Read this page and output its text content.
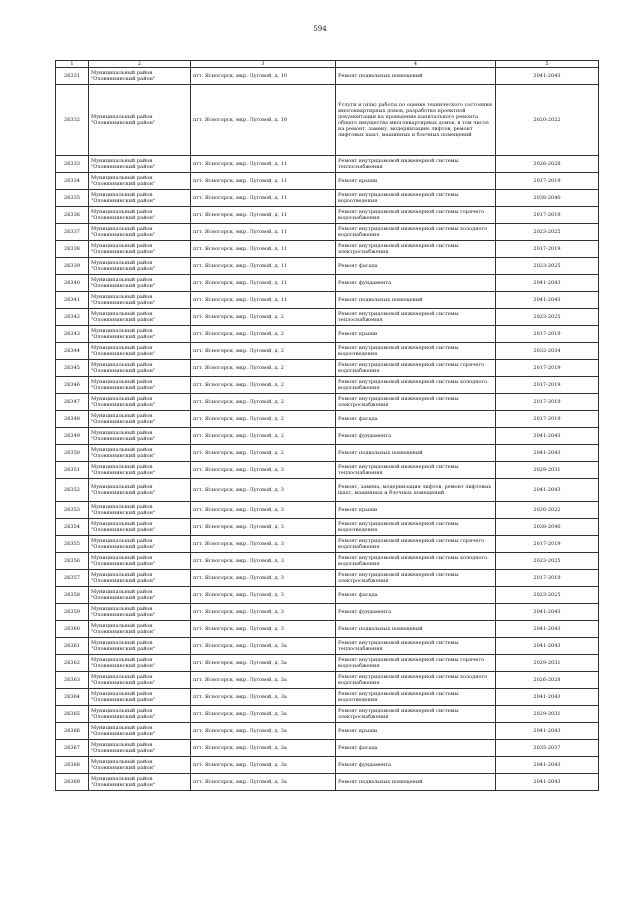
594
1	2	3	4	5
26331	Муниципальный район "Оловяннинский район"	пгт. Ясногорск, мкр. Луговой, д. 10	Ремонт подвальных помещений	2041-2043
26332	Муниципальный район "Оловяннинский район"	пгт. Ясногорск, мкр. Луговой, д. 10	Услуги и (или) работы по оценке технического состояния многоквартирных домов, разработке проектной документации на проведение капитального ремонта общего имущества многоквартирных домов, в том числе на ремонт, замену, модернизацию лифтов, ремонт лифтовых шахт, машинных и блочных помещений	2020-2022
26333	Муниципальный район "Оловяннинский район"	пгт. Ясногорск, мкр. Луговой, д. 11	Ремонт внутридомовой инженерной системы теплоснабжения	2026-2028
26334	Муниципальный район "Оловяннинский район"	пгт. Ясногорск, мкр. Луговой, д. 11	Ремонт крыши	2017-2019
26335	Муниципальный район "Оловяннинский район"	пгт. Ясногорск, мкр. Луговой, д. 11	Ремонт внутридомовой инженерной системы водоотведения	2038-2040
26336	Муниципальный район "Оловяннинский район"	пгт. Ясногорск, мкр. Луговой, д. 11	Ремонт внутридомовой инженерной системы горячего водоснабжения	2017-2019
26337	Муниципальный район "Оловяннинский район"	пгт. Ясногорск, мкр. Луговой, д. 11	Ремонт внутридомовой инженерной системы холодного водоснабжения	2023-2025
26338	Муниципальный район "Оловяннинский район"	пгт. Ясногорск, мкр. Луговой, д. 11	Ремонт внутридомовой инженерной системы электроснабжения	2017-2019
26339	Муниципальный район "Оловяннинский район"	пгт. Ясногорск, мкр. Луговой, д. 11	Ремонт фасада	2023-2025
26340	Муниципальный район "Оловяннинский район"	пгт. Ясногорск, мкр. Луговой, д. 11	Ремонт фундамента	2041-2043
26341	Муниципальный район "Оловяннинский район"	пгт. Ясногорск, мкр. Луговой, д. 11	Ремонт подвальных помещений	2041-2043
26342	Муниципальный район "Оловяннинский район"	пгт. Ясногорск, мкр. Луговой, д. 2	Ремонт внутридомовой инженерной системы теплоснабжения	2023-2025
26343	Муниципальный район "Оловяннинский район"	пгт. Ясногорск, мкр. Луговой, д. 2	Ремонт крыши	2017-2019
26344	Муниципальный район "Оловяннинский район"	пгт. Ясногорск, мкр. Луговой, д. 2	Ремонт внутридомовой инженерной системы водоотведения	2032-2034
26345	Муниципальный район "Оловяннинский район"	пгт. Ясногорск, мкр. Луговой, д. 2	Ремонт внутридомовой инженерной системы горячего водоснабжения	2017-2019
26346	Муниципальный район "Оловяннинский район"	пгт. Ясногорск, мкр. Луговой, д. 2	Ремонт внутридомовой инженерной системы холодного водоснабжения	2017-2019
26347	Муниципальный район "Оловяннинский район"	пгт. Ясногорск, мкр. Луговой, д. 2	Ремонт внутридомовой инженерной системы электроснабжения	2017-2019
26348	Муниципальный район "Оловяннинский район"	пгт. Ясногорск, мкр. Луговой, д. 2	Ремонт фасада	2017-2019
26349	Муниципальный район "Оловяннинский район"	пгт. Ясногорск, мкр. Луговой, д. 2	Ремонт фундамента	2041-2043
26350	Муниципальный район "Оловяннинский район"	пгт. Ясногорск, мкр. Луговой, д. 2	Ремонт подвальных помещений	2041-2043
26351	Муниципальный район "Оловяннинский район"	пгт. Ясногорск, мкр. Луговой, д. 3	Ремонт внутридомовой инженерной системы теплоснабжения	2029-2031
26352	Муниципальный район "Оловяннинский район"	пгт. Ясногорск, мкр. Луговой, д. 3	Ремонт, замена, модернизация лифтов, ремонт лифтовых шахт, машинных и блочных помещений	2041-2043
26353	Муниципальный район "Оловяннинский район"	пгт. Ясногорск, мкр. Луговой, д. 3	Ремонт крыши	2020-2022
26354	Муниципальный район "Оловяннинский район"	пгт. Ясногорск, мкр. Луговой, д. 3	Ремонт внутридомовой инженерной системы водоотведения	2038-2040
26355	Муниципальный район "Оловяннинский район"	пгт. Ясногорск, мкр. Луговой, д. 3	Ремонт внутридомовой инженерной системы горячего водоснабжения	2017-2019
26356	Муниципальный район "Оловяннинский район"	пгт. Ясногорск, мкр. Луговой, д. 3	Ремонт внутридомовой инженерной системы холодного водоснабжения	2023-2025
26357	Муниципальный район "Оловяннинский район"	пгт. Ясногорск, мкр. Луговой, д. 3	Ремонт внутридомовой инженерной системы электроснабжения	2017-2019
26358	Муниципальный район "Оловяннинский район"	пгт. Ясногорск, мкр. Луговой, д. 3	Ремонт фасада	2023-2025
26359	Муниципальный район "Оловяннинский район"	пгт. Ясногорск, мкр. Луговой, д. 3	Ремонт фундамента	2041-2043
26360	Муниципальный район "Оловяннинский район"	пгт. Ясногорск, мкр. Луговой, д. 3	Ремонт подвальных помещений	2041-2043
26361	Муниципальный район "Оловяннинский район"	пгт. Ясногорск, мкр. Луговой, д. 3а	Ремонт внутридомовой инженерной системы теплоснабжения	2041-2043
26362	Муниципальный район "Оловяннинский район"	пгт. Ясногорск, мкр. Луговой, д. 3а	Ремонт внутридомовой инженерной системы горячего водоснабжения	2029-2031
26363	Муниципальный район "Оловяннинский район"	пгт. Ясногорск, мкр. Луговой, д. 3а	Ремонт внутридомовой инженерной системы холодного водоснабжения	2026-2028
26364	Муниципальный район "Оловяннинский район"	пгт. Ясногорск, мкр. Луговой, д. 3а	Ремонт внутридомовой инженерной системы водоотведения	2041-2043
26365	Муниципальный район "Оловяннинский район"	пгт. Ясногорск, мкр. Луговой, д. 3а	Ремонт внутридомовой инженерной системы электроснабжения	2029-2031
26366	Муниципальный район "Оловяннинский район"	пгт. Ясногорск, мкр. Луговой, д. 3а	Ремонт крыши	2041-2043
26367	Муниципальный район "Оловяннинский район"	пгт. Ясногорск, мкр. Луговой, д. 3а	Ремонт фасада	2035-2037
26368	Муниципальный район "Оловяннинский район"	пгт. Ясногорск, мкр. Луговой, д. 3а	Ремонт фундамента	2041-2043
26369	Муниципальный район "Оловяннинский район"	пгт. Ясногорск, мкр. Луговой, д. 3а	Ремонт подвальных помещений	2041-2043
